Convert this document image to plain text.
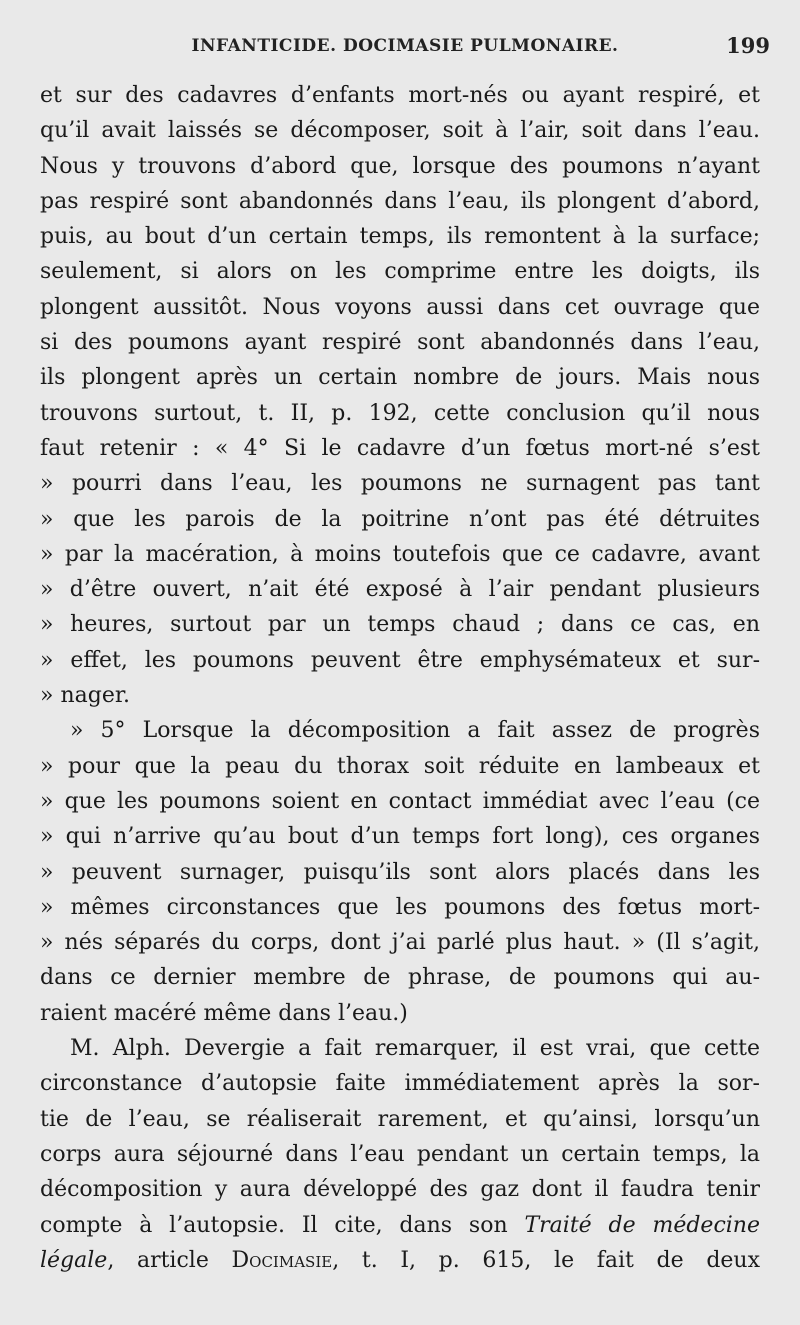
INFANTICIDE. DOCIMASIE PULMONAIRE.	199
et sur des cadavres d’enfants mort-nés ou ayant respiré, et
qu’il avait laissés se décomposer, soit à l’air, soit dans l’eau.
Nous y trouvons d’abord que, lorsque des poumons n’ayant
pas respiré sont abandonnés dans l’eau, ils plongent d’abord,
puis, au bout d’un certain temps, ils remontent à la surface;
seulement, si alors on les comprime entre les doigts, ils
plongent aussitôt. Nous voyons aussi dans cet ouvrage que
si des poumons ayant respiré sont abandonnés dans l’eau,
ils plongent après un certain nombre de jours. Mais nous
trouvons surtout, t. II, p. 192, cette conclusion qu’il nous
faut retenir : « 4° Si le cadavre d’un fœtus mort-né s’est
» pourri dans l’eau, les poumons ne surnagent pas tant
» que les parois de la poitrine n’ont pas été détruites
» par la macération, à moins toutefois que ce cadavre, avant
» d’être ouvert, n’ait été exposé à l’air pendant plusieurs
» heures, surtout par un temps chaud ; dans ce cas, en
» effet, les poumons peuvent être emphysémateux et sur-
» nager.
» 5° Lorsque la décomposition a fait assez de progrès
» pour que la peau du thorax soit réduite en lambeaux et
» que les poumons soient en contact immédiat avec l’eau (ce
» qui n’arrive qu’au bout d’un temps fort long), ces organes
» peuvent surnager, puisqu’ils sont alors placés dans les
» mêmes circonstances que les poumons des fœtus mort-
» nés séparés du corps, dont j’ai parlé plus haut. » (Il s’agit,
dans ce dernier membre de phrase, de poumons qui au-
raient macéré même dans l’eau.)
M. Alph. Devergie a fait remarquer, il est vrai, que cette
circonstance d’autopsie faite immédiatement après la sor-
tie de l’eau, se réaliserait rarement, et qu’ainsi, lorsqu’un
corps aura séjourné dans l’eau pendant un certain temps, la
décomposition y aura développé des gaz dont il faudra tenir
compte à l’autopsie. Il cite, dans son Traité de médecine
légale, article Docimasie, t. I, p. 615, le fait de deux
